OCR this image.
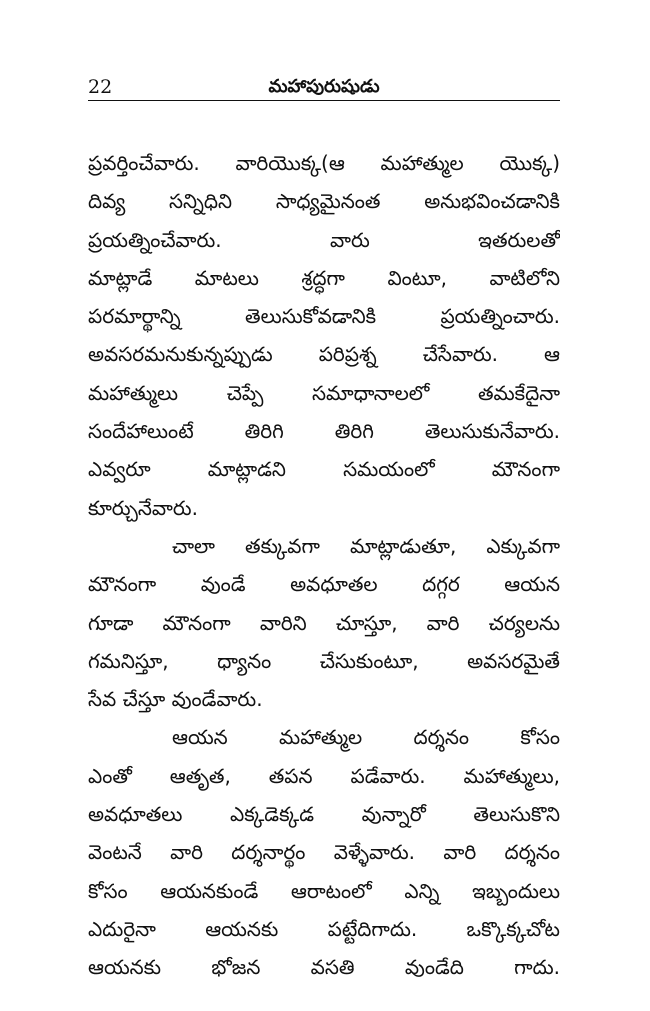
22	మహాపురుషుడు
ప్రవర్తించేవారు. వారియొక్క(ఆ మహాత్ముల యొక్క)
దివ్య సన్నిధిని సాధ్యమైనంత అనుభవించడానికి
ప్రయత్నించేవారు. వారు ఇతరులతో
మాట్లాడే మాటలు శ్రద్ధగా వింటూ, వాటిలోని
పరమార్థాన్ని తెలుసుకోవడానికి ప్రయత్నించారు.
అవసరమనుకున్నప్పుడు పరిప్రశ్న చేసేవారు. ఆ
మహాత్ములు చెప్పే సమాధానాలలో తమకేదైనా
సందేహాలుంటే తిరిగి తిరిగి తెలుసుకునేవారు.
ఎవ్వరూ మాట్లాడని సమయంలో మౌనంగా
కూర్చునేవారు.
చాలా తక్కువగా మాట్లాడుతూ, ఎక్కువగా
మౌనంగా వుండే అవధూతల దగ్గర ఆయన
గూడా మౌనంగా వారిని చూస్తూ, వారి చర్యలను
గమనిస్తూ, ధ్యానం చేసుకుంటూ, అవసరమైతే
సేవ చేస్తూ వుండేవారు.
ఆయన మహాత్ముల దర్శనం కోసం
ఎంతో ఆతృత, తపన పడేవారు. మహాత్ములు,
అవధూతలు ఎక్కడెక్కడ వున్నారో తెలుసుకొని
వెంటనే వారి దర్శనార్థం వెళ్ళేవారు. వారి దర్శనం
కోసం ఆయనకుండే ఆరాటంలో ఎన్ని ఇబ్బందులు
ఎదురైనా ఆయనకు పట్టేదిగాదు. ఒక్కొక్కచోట
ఆయనకు భోజన వసతి వుండేది గాదు.
